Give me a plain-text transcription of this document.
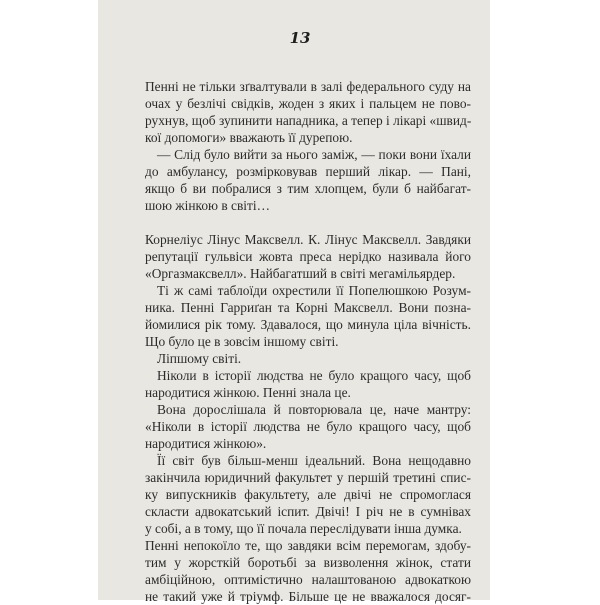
13
Пенні не тільки зґвалтували в залі федерального суду на
очах у безлічі свідків, жоден з яких і пальцем не пово-
рухнув, щоб зупинити нападника, а тепер і лікарі «швид-
кої допомоги» вважають її дурепою.
— Слід було вийти за нього заміж, — поки вони їхали
до амбулансу, розмірковував перший лікар. — Пані,
якщо б ви побралися з тим хлопцем, були б найбагат-
шою жінкою в світі…
Корнеліус Лінус Максвелл. К. Лінус Максвелл. Завдяки
репутації гульвіси жовта преса нерідко називала його
«Оргазмаксвелл». Найбагатший в світі мегамільярдер.
Ті ж самі таблоїди охрестили її Попелюшкою Розум-
ника. Пенні Гарриґан та Корні Максвелл. Вони позна-
йомилися рік тому. Здавалося, що минула ціла вічність.
Що було це в зовсім іншому світі.
Ліпшому світі.
Ніколи в історії людства не було кращого часу, щоб
народитися жінкою. Пенні знала це.
Вона дорослішала й повторювала це, наче мантру:
«Ніколи в історії людства не було кращого часу, щоб
народитися жінкою».
Її світ був більш-менш ідеальний. Вона нещодавно
закінчила юридичний факультет у першій третині спис-
ку випускників факультету, але двічі не спромоглася
скласти адвокатський іспит. Двічі! І річ не в сумнівах
у собі, а в тому, що її почала переслідувати інша думка.
Пенні непокоїло те, що завдяки всім перемогам, здобу-
тим у жорсткій боротьбі за визволення жінок, стати
амбіційною, оптимістично налаштованою адвокаткою
не такий уже й тріумф. Більше це не вважалося досяг-
